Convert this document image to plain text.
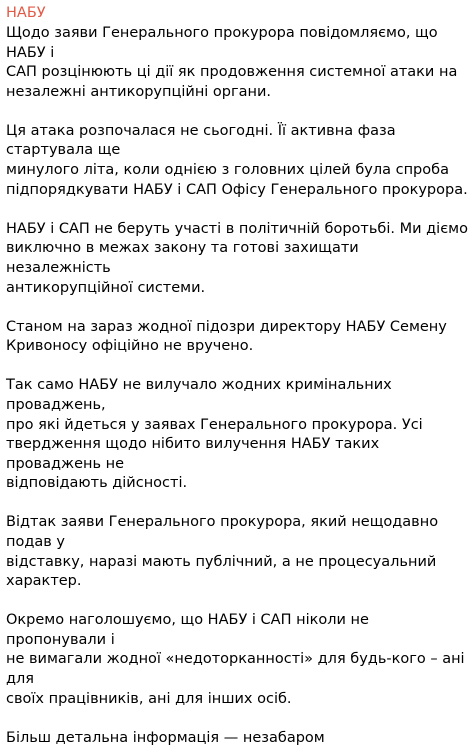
НАБУ

Щодо заяви Генерального прокурора повідомляємо, що НАБУ і
САП розцінюють ці дії як продовження системної атаки на
незалежні антикорупційні органи.

Ця атака розпочалася не сьогодні. Її активна фаза стартувала ще
минулого літа, коли однією з головних цілей була спроба
підпорядкувати НАБУ і САП Офісу Генерального прокурора.

НАБУ і САП не беруть участі в політичній боротьбі. Ми діємо
виключно в межах закону та готові захищати незалежність
антикорупційної системи.

Станом на зараз жодної підозри директору НАБУ Семену
Кривоносу офіційно не вручено.

Так само НАБУ не вилучало жодних кримінальних проваджень,
про які йдеться у заявах Генерального прокурора. Усі
твердження щодо нібито вилучення НАБУ таких проваджень не
відповідають дійсності.

Відтак заяви Генерального прокурора, який нещодавно подав у
відставку, наразі мають публічний, а не процесуальний
характер.

Окремо наголошуємо, що НАБУ і САП ніколи не пропонували і
не вимагали жодної «недоторканності» для будь-кого – ані для
своїх працівників, ані для інших осіб.

Більш детальна інформація — незабаром
